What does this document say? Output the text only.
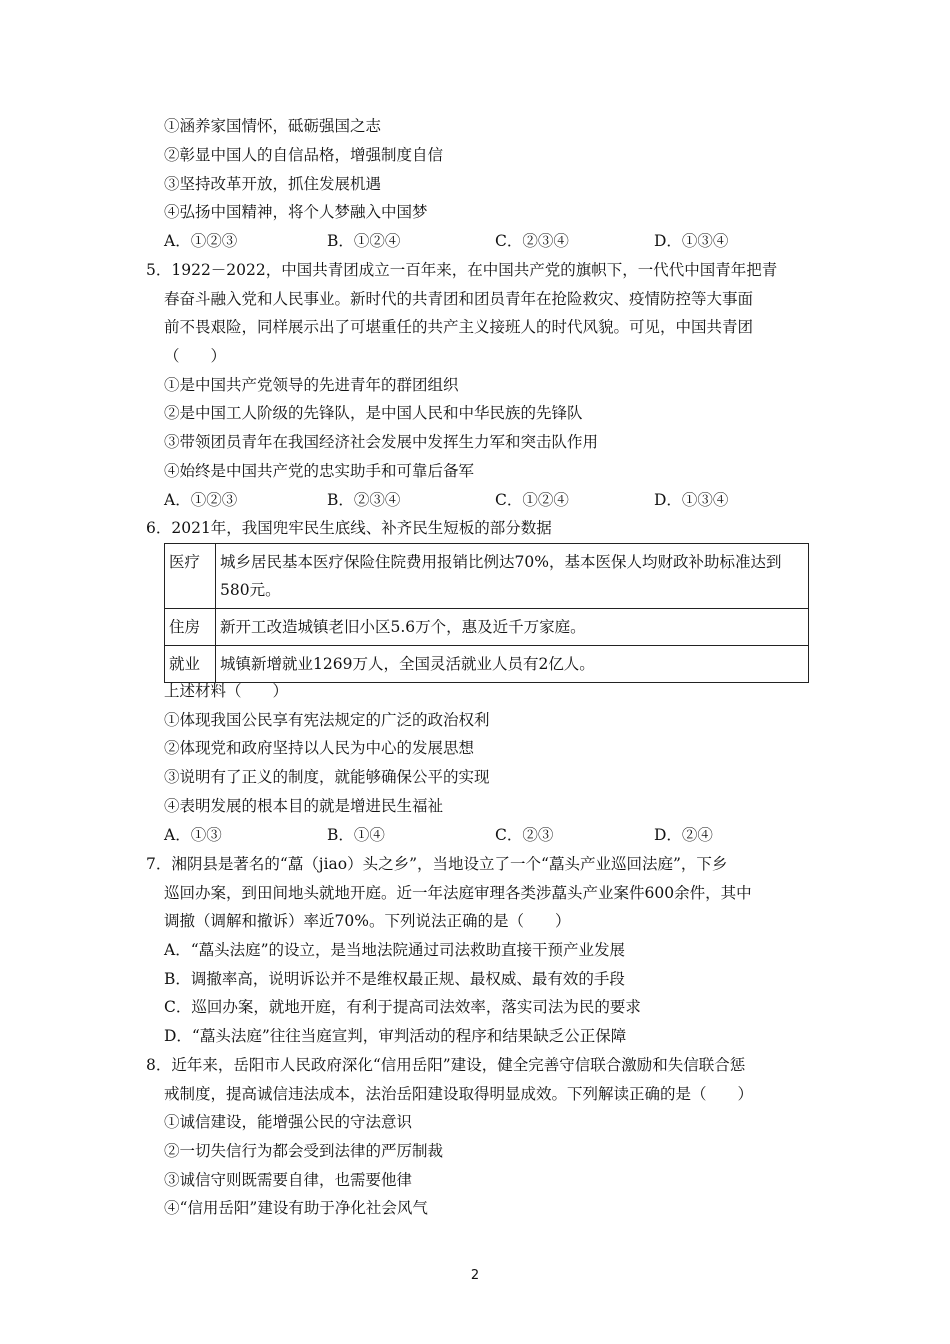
①涵养家国情怀，砥砺强国之志
②彰显中国人的自信品格，增强制度自信
③坚持改革开放，抓住发展机遇
④弘扬中国精神，将个人梦融入中国梦
A．①②③	B．①②④	C．②③④	D．①③④
5．1922－2022，中国共青团成立一百年来，在中国共产党的旗帜下，一代代中国青年把青
春奋斗融入党和人民事业。新时代的共青团和团员青年在抢险救灾、疫情防控等大事面
前不畏艰险，同样展示出了可堪重任的共产主义接班人的时代风貌。可见，中国共青团
（　　）
①是中国共产党领导的先进青年的群团组织
②是中国工人阶级的先锋队，是中国人民和中华民族的先锋队
③带领团员青年在我国经济社会发展中发挥生力军和突击队作用
④始终是中国共产党的忠实助手和可靠后备军
A．①②③	B．②③④	C．①②④	D．①③④
6．2021年，我国兜牢民生底线、补齐民生短板的部分数据
医疗	城乡居民基本医疗保险住院费用报销比例达70%，基本医保人均财政补助标准达到580元。
住房	新开工改造城镇老旧小区5.6万个，惠及近千万家庭。
就业	城镇新增就业1269万人，全国灵活就业人员有2亿人。
上述材料（　　）
①体现我国公民享有宪法规定的广泛的政治权利
②体现党和政府坚持以人民为中心的发展思想
③说明有了正义的制度，就能够确保公平的实现
④表明发展的根本目的就是增进民生福祉
A．①③	B．①④	C．②③	D．②④
7．湘阴县是著名的“藠（jiao）头之乡”，当地设立了一个“藠头产业巡回法庭”，下乡
巡回办案，到田间地头就地开庭。近一年法庭审理各类涉藠头产业案件600余件，其中
调撤（调解和撤诉）率近70%。下列说法正确的是（　　）
A．“藠头法庭”的设立，是当地法院通过司法救助直接干预产业发展
B．调撤率高，说明诉讼并不是维权最正规、最权威、最有效的手段
C．巡回办案，就地开庭，有利于提高司法效率，落实司法为民的要求
D．“藠头法庭”往往当庭宣判，审判活动的程序和结果缺乏公正保障
8．近年来，岳阳市人民政府深化“信用岳阳”建设，健全完善守信联合激励和失信联合惩
戒制度，提高诚信违法成本，法治岳阳建设取得明显成效。下列解读正确的是（　　）
①诚信建设，能增强公民的守法意识
②一切失信行为都会受到法律的严厉制裁
③诚信守则既需要自律，也需要他律
④“信用岳阳”建设有助于净化社会风气
2
